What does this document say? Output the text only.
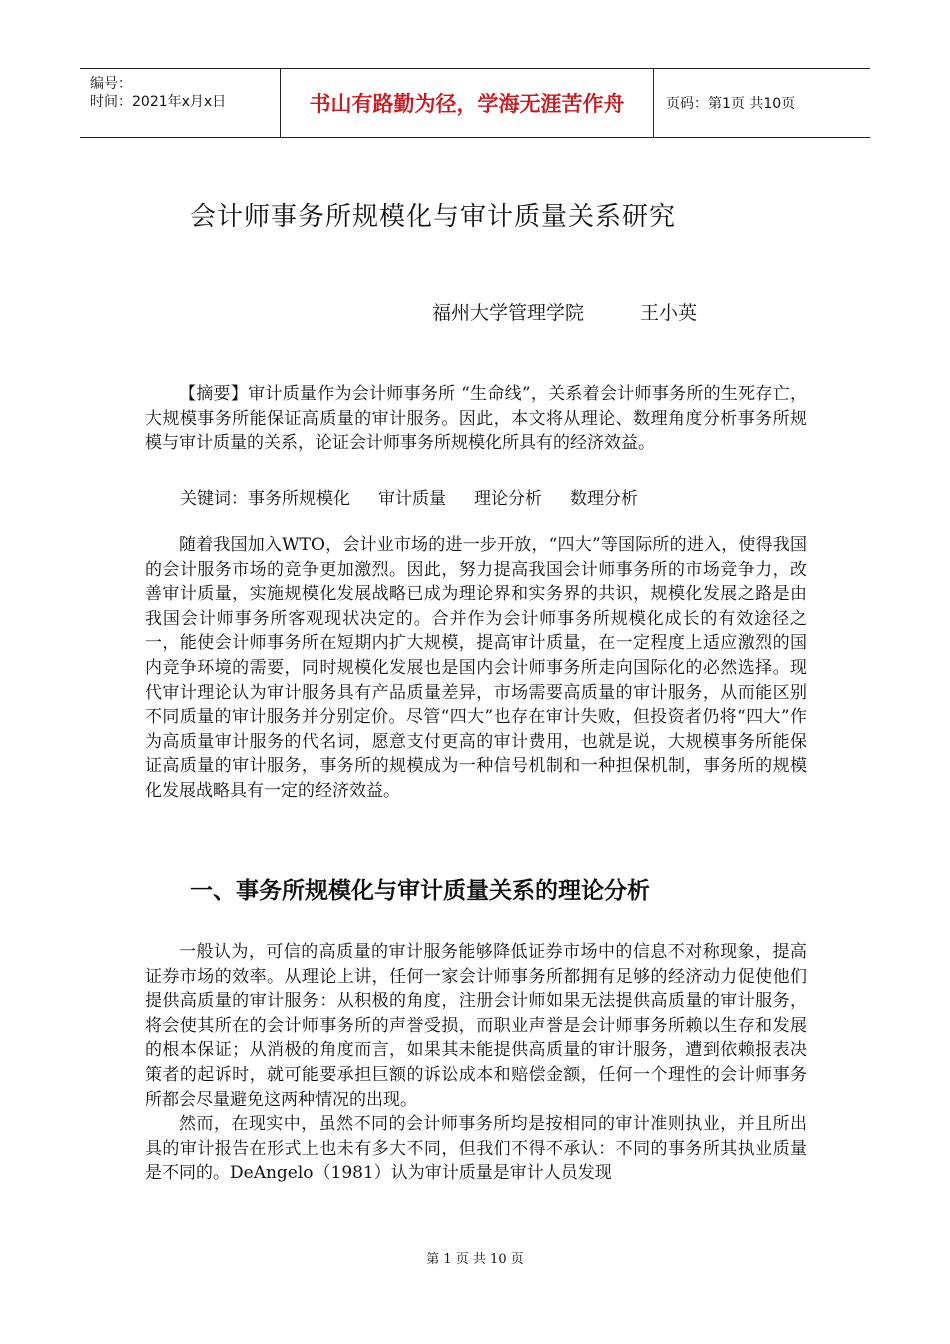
编号：
时间：2021年x月x日	书山有路勤为径，学海无涯苦作舟	页码：第1页 共10页
会计师事务所规模化与审计质量关系研究
福州大学管理学院	王小英

【摘要】审计质量作为会计师事务所 “生命线”，关系着会计师事务所的生死存亡，大规模事务所能保证高质量的审计服务。因此，本文将从理论、数理角度分析事务所规模与审计质量的关系，论证会计师事务所规模化所具有的经济效益。

关键词：事务所规模化 审计质量 理论分析 数理分析

随着我国加入WTO，会计业市场的进一步开放，“四大”等国际所的进入，使得我国的会计服务市场的竞争更加激烈。因此，努力提高我国会计师事务所的市场竞争力，改善审计质量，实施规模化发展战略已成为理论界和实务界的共识，规模化发展之路是由我国会计师事务所客观现状决定的。合并作为会计师事务所规模化成长的有效途径之一，能使会计师事务所在短期内扩大规模，提高审计质量，在一定程度上适应激烈的国内竞争环境的需要，同时规模化发展也是国内会计师事务所走向国际化的必然选择。现代审计理论认为审计服务具有产品质量差异，市场需要高质量的审计服务，从而能区别不同质量的审计服务并分别定价。尽管“四大”也存在审计失败，但投资者仍将“四大”作为高质量审计服务的代名词，愿意支付更高的审计费用，也就是说，大规模事务所能保证高质量的审计服务，事务所的规模成为一种信号机制和一种担保机制，事务所的规模化发展战略具有一定的经济效益。

一、事务所规模化与审计质量关系的理论分析

一般认为，可信的高质量的审计服务能够降低证券市场中的信息不对称现象，提高证券市场的效率。从理论上讲，任何一家会计师事务所都拥有足够的经济动力促使他们提供高质量的审计服务：从积极的角度，注册会计师如果无法提供高质量的审计服务，将会使其所在的会计师事务所的声誉受损，而职业声誉是会计师事务所赖以生存和发展的根本保证；从消极的角度而言，如果其未能提供高质量的审计服务，遭到依赖报表决策者的起诉时，就可能要承担巨额的诉讼成本和赔偿金额，任何一个理性的会计师事务所都会尽量避免这两种情况的出现。

然而，在现实中，虽然不同的会计师事务所均是按相同的审计准则执业，并且所出具的审计报告在形式上也未有多大不同，但我们不得不承认：不同的事务所其执业质量是不同的。DeAngelo（1981）认为审计质量是审计人员发现

第 1 页 共 10 页
